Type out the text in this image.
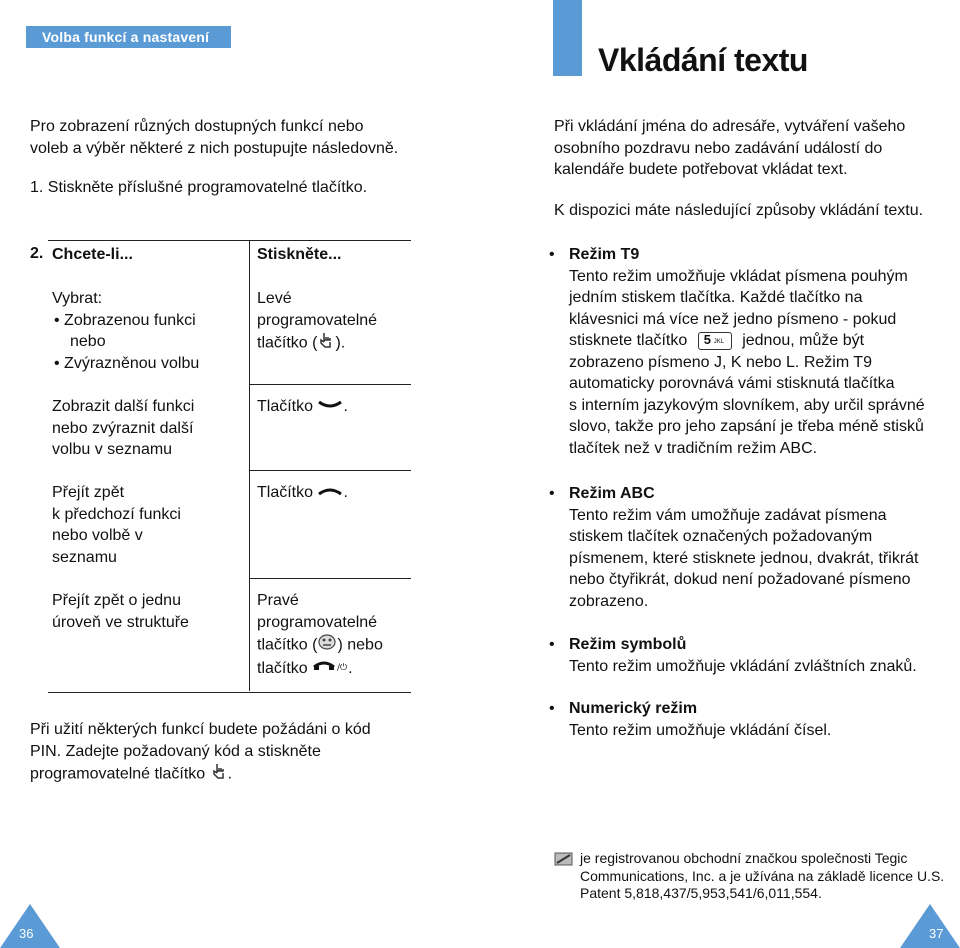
Volba funkcí a nastavení
Pro zobrazení různých dostupných funkcí nebo
voleb a výběr některé z nich postupujte následovně.
1. Stiskněte příslušné programovatelné tlačítko.
2. Chcete-li...	Stiskněte...
Vybrat:
• Zobrazenou funkci
nebo
• Zvýrazněnou volbu
Levé
programovatelné
tlačítko ( ).
Zobrazit další funkci
nebo zvýraznit další
volbu v seznamu
Tlačítko .
Přejít zpět
k předchozí funkci
nebo volbě v
seznamu
Tlačítko .
Přejít zpět o jednu
úroveň ve struktuře
Pravé
programovatelné
tlačítko ( ) nebo
tlačítko	/⏻ .
Při užití některých funkcí budete požádáni o kód
PIN. Zadejte požadovaný kód a stiskněte
programovatelné tlačítko .
36
Vkládání textu
Při vkládání jména do adresáře, vytváření vašeho
osobního pozdravu nebo zadávání událostí do
kalendáře budete potřebovat vkládat text.
K dispozici máte následující způsoby vkládání textu.
• Režim T9
Tento režim umožňuje vkládat písmena pouhým
jedním stiskem tlačítka. Každé tlačítko na
klávesnici má více než jedno písmeno - pokud
stisknete tlačítko 5 JKL jednou, může být
zobrazeno písmeno J, K nebo L. Režim T9
automaticky porovnává vámi stisknutá tlačítka
s interním jazykovým slovníkem, aby určil správné
slovo, takže pro jeho zapsání je třeba méně stisků
tlačítek než v tradičním režim ABC.
• Režim ABC
Tento režim vám umožňuje zadávat písmena
stiskem tlačítek označených požadovaným
písmenem, které stisknete jednou, dvakrát, třikrát
nebo čtyřikrát, dokud není požadované písmeno
zobrazeno.
• Režim symbolů
Tento režim umožňuje vkládání zvláštních znaků.
• Numerický režim
Tento režim umožňuje vkládání čísel.
je registrovanou obchodní značkou společnosti Tegic
Communications, Inc. a je užívána na základě licence U.S.
Patent 5,818,437/5,953,541/6,011,554.
37
